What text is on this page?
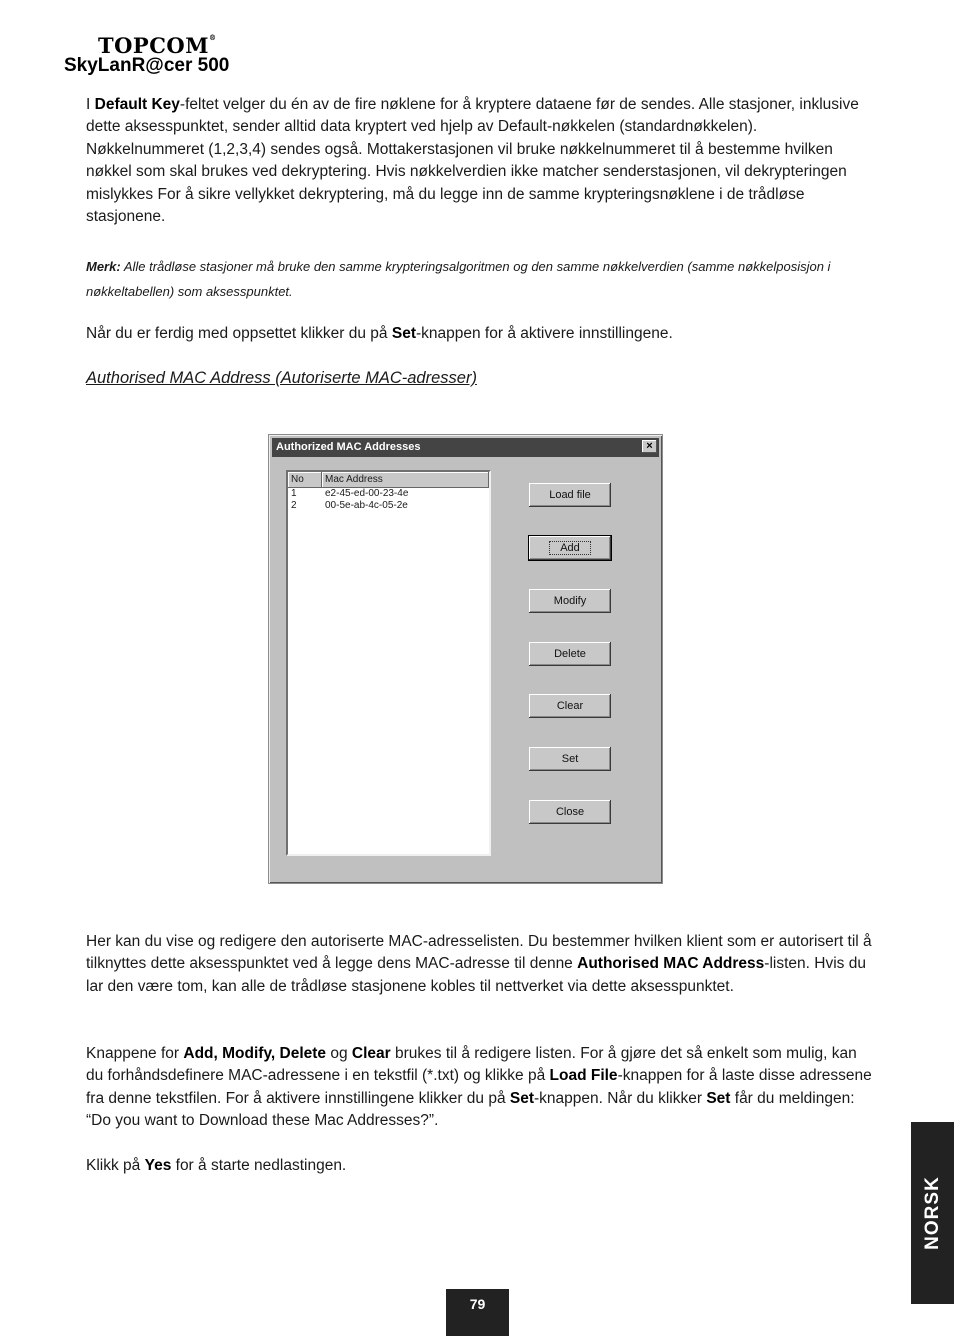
TOPCOM®
SkyLanR@cer 500

I Default Key-feltet velger du én av de fire nøklene for å kryptere dataene før de sendes. Alle stasjoner, inklusive dette aksesspunktet, sender alltid data kryptert ved hjelp av Default-nøkkelen (standardnøkkelen). Nøkkelnummeret (1,2,3,4) sendes også. Mottakerstasjonen vil bruke nøkkelnummeret til å bestemme hvilken nøkkel som skal brukes ved dekryptering. Hvis nøkkelverdien ikke matcher senderstasjonen, vil dekrypteringen mislykkes For å sikre vellykket dekryptering, må du legge inn de samme krypteringsnøklene i de trådløse stasjonene.

Merk: Alle trådløse stasjoner må bruke den samme krypteringsalgoritmen og den samme nøkkelverdien (samme nøkkelposisjon i nøkkeltabellen) som aksesspunktet.

Når du er ferdig med oppsettet klikker du på Set-knappen for å aktivere innstillingene.

Authorised MAC Address (Autoriserte MAC-adresser)

Authorized MAC Addresses	×
No	Mac Address
1	e2-45-ed-00-23-4e
2	00-5e-ab-4c-05-2e
Load file
Add
Modify
Delete
Clear
Set
Close

Her kan du vise og redigere den autoriserte MAC-adresselisten. Du bestemmer hvilken klient som er autorisert til å tilknyttes dette aksesspunktet ved å legge dens MAC-adresse til denne Authorised MAC Address-listen. Hvis du lar den være tom, kan alle de trådløse stasjonene kobles til nettverket via dette aksesspunktet.

Knappene for Add, Modify, Delete og Clear brukes til å redigere listen. For å gjøre det så enkelt som mulig, kan du forhåndsdefinere MAC-adressene i en tekstfil (*.txt) og klikke på Load File-knappen for å laste disse adressene fra denne tekstfilen. For å aktivere innstillingene klikker du på Set-knappen. Når du klikker Set får du meldingen: “Do you want to Download these Mac Addresses?”.

Klikk på Yes for å starte nedlastingen.

NORSK
79
